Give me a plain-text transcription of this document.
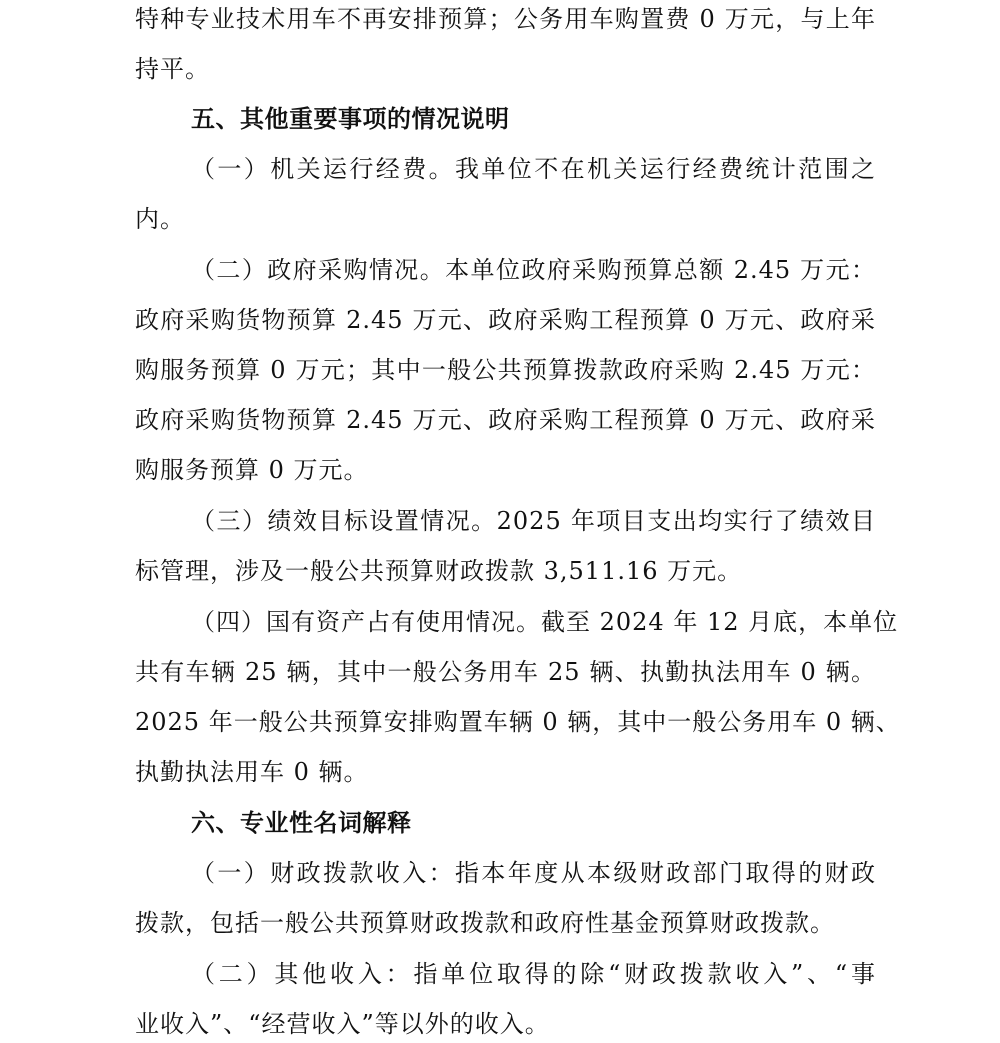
特种专业技术用车不再安排预算；公务用车购置费 0 万元，与上年
持平。
五、其他重要事项的情况说明
（一）机关运行经费。我单位不在机关运行经费统计范围之
内。
（二）政府采购情况。本单位政府采购预算总额 2.45 万元：
政府采购货物预算 2.45 万元、政府采购工程预算 0 万元、政府采
购服务预算 0 万元；其中一般公共预算拨款政府采购 2.45 万元：
政府采购货物预算 2.45 万元、政府采购工程预算 0 万元、政府采
购服务预算 0 万元。
（三）绩效目标设置情况。2025 年项目支出均实行了绩效目
标管理，涉及一般公共预算财政拨款 3,511.16 万元。
（四）国有资产占有使用情况。截至 2024 年 12 月底，本单位
共有车辆 25 辆，其中一般公务用车 25 辆、执勤执法用车 0 辆。
2025 年一般公共预算安排购置车辆 0 辆，其中一般公务用车 0 辆、
执勤执法用车 0 辆。
六、专业性名词解释
（一）财政拨款收入：指本年度从本级财政部门取得的财政
拨款，包括一般公共预算财政拨款和政府性基金预算财政拨款。
（二）其他收入：指单位取得的除“财政拨款收入”、“事
业收入”、“经营收入”等以外的收入。
